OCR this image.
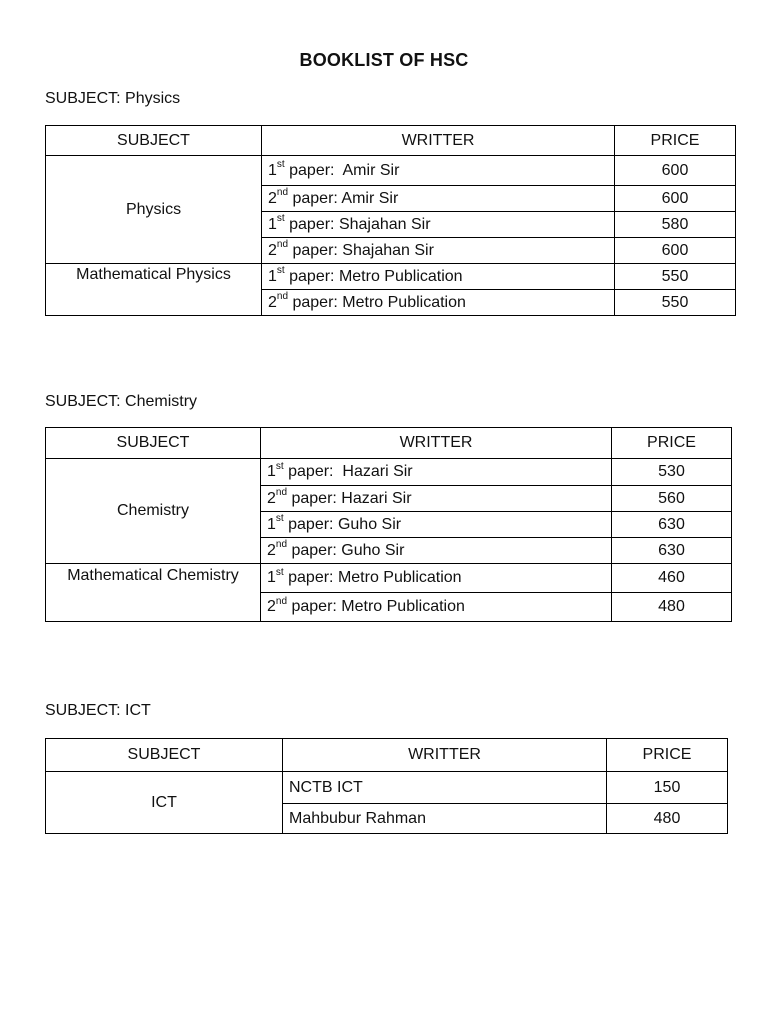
BOOKLIST OF HSC
SUBJECT: Physics
SUBJECT	WRITTER	PRICE
Physics	1st paper:  Amir Sir	600
	2nd paper: Amir Sir	600
	1st paper: Shajahan Sir	580
	2nd paper: Shajahan Sir	600
Mathematical Physics	1st paper: Metro Publication	550
	2nd paper: Metro Publication	550
SUBJECT: Chemistry
SUBJECT	WRITTER	PRICE
Chemistry	1st paper:  Hazari Sir	530
	2nd paper: Hazari Sir	560
	1st paper: Guho Sir	630
	2nd paper: Guho Sir	630
Mathematical Chemistry	1st paper: Metro Publication	460
	2nd paper: Metro Publication	480
SUBJECT: ICT
SUBJECT	WRITTER	PRICE
ICT	NCTB ICT	150
	Mahbubur Rahman	480
